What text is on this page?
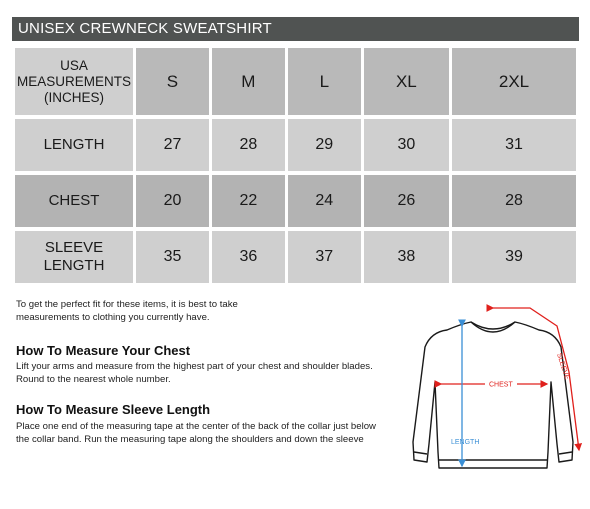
UNISEX CREWNECK SWEATSHIRT
USA
MEASUREMENTS
(INCHES)	S	M	L	XL	2XL

LENGTH	27	28	29	30	31

CHEST	20	22	24	26	28

SLEEVE
LENGTH	35	36	37	38	39
To get the perfect fit for these items, it is best to take
measurements to clothing you currently have.
How To Measure Your Chest
Lift your arms and measure from the highest part of your chest and shoulder blades.
Round to the nearest whole number.
How To Measure Sleeve Length
Place one end of the measuring tape at the center of the back of the collar just below
the collar band. Run the measuring tape along the shoulders and down the sleeve
SLEEVE
CHEST
LENGTH
